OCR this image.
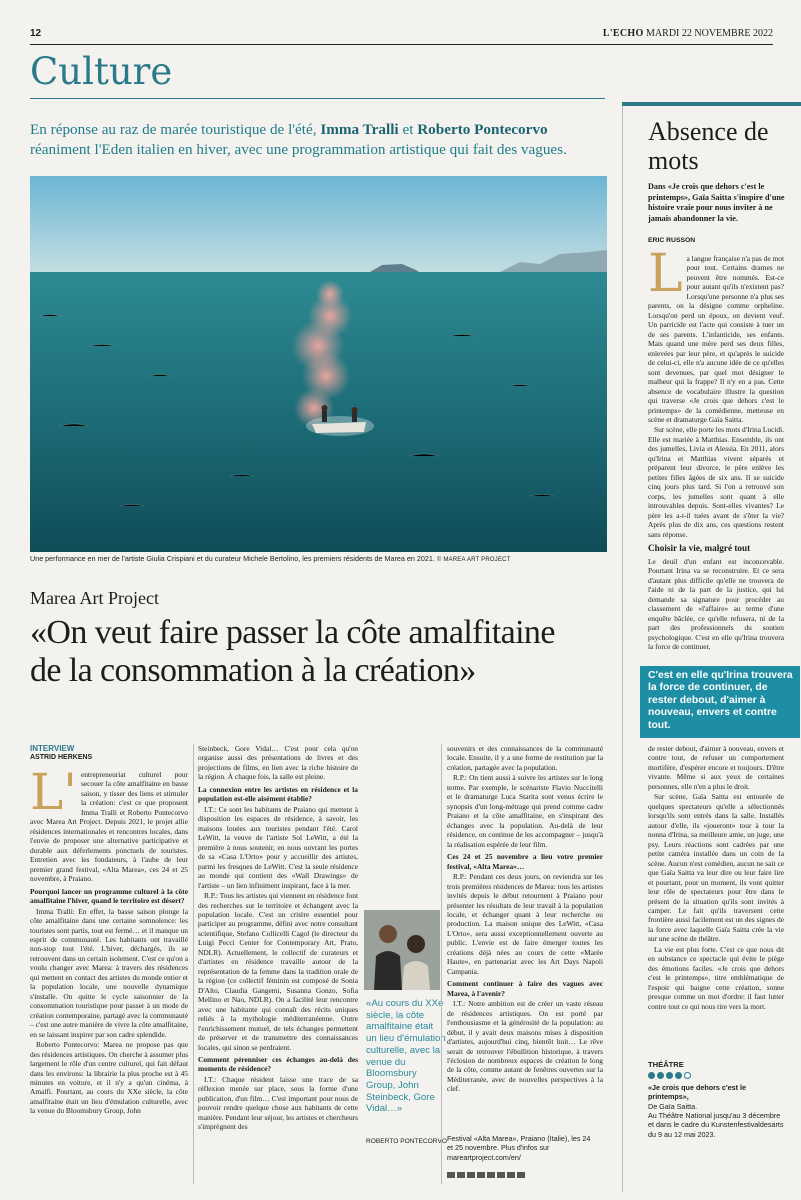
12	L'ECHO MARDI 22 NOVEMBRE 2022
Culture
En réponse au raz de marée touristique de l'été, Imma Tralli et Roberto Pontecorvo réaniment l'Eden italien en hiver, avec une programmation artistique qui fait des vagues.
Une performance en mer de l'artiste Giulia Crispiani et du curateur Michele Bertolino, les premiers résidents de Marea en 2021. © MAREA ART PROJECT
Marea Art Project
«On veut faire passer la côte amalfitaine de la consommation à la création»
INTERVIEW
ASTRID HERKENS

L' entrepreneuriat culturel pour secouer la côte amalfitaine en basse saison, y tisser des liens et stimuler la création: c'est ce que proposent Imma Tralli et Roberto Pontecorvo avec Marea Art Project. Depuis 2021, le projet allie résidences internationales et rencontres locales, dans l'envie de proposer une alternative participative et durable aux déferlements ponctuels de touristes. Entretien avec les fondateurs, à l'aube de leur premier grand festival, «Alta Marea», ces 24 et 25 novembre, à Praiano.

Pourquoi lancer un programme culturel à la côte amalfitaine l'hiver, quand le territoire est désert?

Imma Tralli: En effet, la basse saison plonge la côte amalfitaine dans une certaine somnolence: les touristes sont partis, tout est fermé… et il manque un esprit de communauté. Les habitants ont travaillé non-stop tout l'été. L'hiver, déchargés, ils se retrouvent dans un certain isolement. C'est ce qu'on a voulu changer avec Marea: à travers des résidences qui mettent en contact des artistes du monde entier et la population locale, une nouvelle dynamique s'installe. On quitte le cycle saisonnier de la consommation touristique pour passer à un mode de création contemporaine, partagé avec la communauté – c'est une autre manière de vivre la côte amalfitaine, en se laissant inspirer par son cadre splendide.

Roberto Pontecorvo: Marea ne propose pas que des résidences artistiques. On cherche à assumer plus largement le rôle d'un centre culturel, qui fait défaut dans les environs: la librairie la plus proche est à 45 minutes en voiture, et il n'y a qu'un cinéma, à Amalfi. Pourtant, au cours du XXe siècle, la côte amalfitaine était un lieu d'émulation culturelle, avec la venue du Bloomsbury Group, John

Steinbeck, Gore Vidal… C'est pour cela qu'on organise aussi des présentations de livres et des projections de films, en lien avec la riche histoire de la région. À chaque fois, la salle est pleine.

La connexion entre les artistes en résidence et la population est-elle aisément établie?

I.T.: Ce sont les habitants de Praiano qui mettent à disposition les espaces de résidence, à savoir, les maisons louées aux touristes pendant l'été. Carol LeWitt, la veuve de l'artiste Sol LeWitt, a été la première à nous soutenir, en nous ouvrant les portes de sa «Casa L'Orto» pour y accueillir des artistes, parmi les fresques de LeWitt. C'est la seule résidence au monde qui contient des «Wall Drawings» de l'artiste – un lien infiniment inspirant, face à la mer.

R.P.: Tous les artistes qui viennent en résidence font des recherches sur le territoire et échangent avec la population locale. C'est un critère essentiel pour participer au programme, défini avec notre consultant scientifique, Stefano Collicelli Cagol (le directeur du Luigi Pecci Center for Contemporary Art, Prato, NDLR). Actuellement, le collectif de curateurs et d'artistes en résidence travaille autour de la représentation de la femme dans la tradition orale de la région (ce collectif féminin est composé de Sonia D'Alto, Claudia Gangemi, Susanna Gonzo, Sofia Mellino et Nao, NDLR). On a facilité leur rencontre avec une habitante qui connaît des récits uniques reliés à la mythologie méditerranéenne. Outre l'enrichissement mutuel, de tels échanges permettent de préserver et de transmettre des connaissances locales, qui sinon se perdraient.

Comment pérenniser ces échanges au-delà des moments de résidence?

I.T.: Chaque résident laisse une trace de sa réflexion menée sur place, sous la forme d'une publication, d'un film… C'est important pour nous de pouvoir rendre quelque chose aux habitants de cette manière. Pendant leur séjour, les artistes et chercheurs s'imprègnent des

«Au cours du XXe siècle, la côte amalfitaine était un lieu d'émulation culturelle, avec la venue du Bloomsbury Group, John Steinbeck, Gore Vidal…»
ROBERTO PONTECORVO

souvenirs et des connaissances de la communauté locale. Ensuite, il y a une forme de restitution par la création, partagée avec la population.

R.P.: On tient aussi à suivre les artistes sur le long terme. Par exemple, le scénariste Flavio Nuccitelli et le dramaturge Luca Starita sont venus écrire le synopsis d'un long-métrage qui prend comme cadre Praiano et la côte amalfitaine, en s'inspirant des échanges avec la population. Au-delà de leur résidence, on continue de les accompagner – jusqu'à la réalisation espérée de leur film.

Ces 24 et 25 novembre a lieu votre premier festival, «Alta Marea»…

R.P.: Pendant ces deux jours, on reviendra sur les trois premières résidences de Marea: tous les artistes invités depuis le début retournent à Praiano pour présenter les résultats de leur travail à la population locale, et échanger quant à leur recherche ou production. La maison unique des LeWitt, «Casa L'Orto», sera aussi exceptionnellement ouverte au public. L'envie est de faire émerger toutes les créations déjà nées au cours de cette «Marée Haute», en partenariat avec les Art Days Napoli Campania.

Comment continuer à faire des vagues avec Marea, à l'avenir?

I.T.: Notre ambition est de créer un vaste réseau de résidences artistiques. On est porté par l'enthousiasme et la générosité de la population: au début, il y avait deux maisons mises à disposition d'artistes, aujourd'hui cinq, bientôt huit… Le rêve serait de retrouver l'ébullition historique, à travers l'éclosion de nombreux espaces de création le long de la côte, comme autant de fenêtres ouvertes sur la Méditerranée, avec de nouvelles perspectives à la clef.

Festival «Alta Marea», Praiano (Italie), les 24 et 25 novembre. Plus d'infos sur mareartproject.com/en/
Absence de mots
Dans «Je crois que dehors c'est le printemps», Gaïa Saitta s'inspire d'une histoire vraie pour nous inviter à ne jamais abandonner la vie.
ERIC RUSSON

La langue française n'a pas de mot pour tout. Certains drames ne peuvent être nommés. Est-ce pour autant qu'ils n'existent pas? Lorsqu'une personne n'a plus ses parents, on la désigne comme orpheline. Lorsqu'on perd un époux, on devient veuf. Un parricide est l'acte qui consiste à tuer un de ses parents. L'infanticide, ses enfants. Mais quand une mère perd ses deux filles, enlevées par leur père, et qu'après le suicide de celui-ci, elle n'a aucune idée de ce qu'elles sont devenues, par quel mot désigner le malheur qui la frappe? Il n'y en a pas. Cette absence de vocabulaire illustre la question qui traverse «Je crois que dehors c'est le printemps» de la comédienne, metteuse en scène et dramaturge Gaïa Saitta.

Sur scène, elle porte les mots d'Irina Lucidi. Elle est mariée à Matthias. Ensemble, ils ont des jumelles, Livia et Alessia. En 2011, alors qu'Irina et Matthias vivent séparés et préparent leur divorce, le père enlève les petites filles âgées de six ans. Il se suicide cinq jours plus tard. Si l'on a retrouvé son corps, les jumelles sont quant à elle introuvables depuis. Sont-elles vivantes? Le père les a-t-il tuées avant de s'ôter la vie? Après plus de dix ans, ces questions restent sans réponse.

Choisir la vie, malgré tout

Le deuil d'un enfant est inconcevable. Pourtant Irina va se reconstruire. Et ce sera d'autant plus difficile qu'elle ne trouvera de l'aide ni de la part de la justice, qui lui demande sa signature pour procéder au classement de «l'affaire» au terme d'une enquête bâclée, ce qu'elle refusera, ni de la part des professionnels du soutien psychologique. C'est en elle qu'Irina trouvera la force de continuer,

C'est en elle qu'Irina trouvera la force de continuer, de rester debout, d'aimer à nouveau, envers et contre tout.

de rester debout, d'aimer à nouveau, envers et contre tout, de refuser un comportement mortifère, d'espérer encore et toujours. D'être vivante. Même si aux yeux de certaines personnes, elle n'en a plus le droit.

Sur scène, Gaïa Saitta est entourée de quelques spectateurs qu'elle a sélectionnés lorsqu'ils sont entrés dans la salle. Installés autour d'elle, ils «joueront» tour à tour la nonna d'Irina, sa meilleure amie, un juge, une psy. Leurs réactions sont cadrées par une petite caméra installée dans un coin de la scène. Aucun n'est comédien, aucun ne sait ce que Gaïa Saitta va leur dire ou leur faire lire et pourtant, pour un moment, ils vont quitter leur rôle de spectateurs pour être dans le présent de la situation qu'ils sont invités à camper. Le fait qu'ils traversent cette frontière aussi facilement est un des signes de la force avec laquelle Gaïa Saitta crée la vie sur une scène de théâtre.

La vie est plus forte. C'est ce que nous dit en substance ce spectacle qui évite le piège des émotions faciles. «Je crois que dehors c'est le printemps», titre emblématique de l'espoir qui baigne cette création, sonne presque comme un mot d'ordre: il faut lutter contre tout ce qui nous tire vers la mort.

THÉÂTRE
«Je crois que dehors c'est le printemps»,
De Gaïa Saitta.
Au Théâtre National jusqu'au 3 décembre et dans le cadre du Kunstenfestivaldesarts du 9 au 12 mai 2023.
